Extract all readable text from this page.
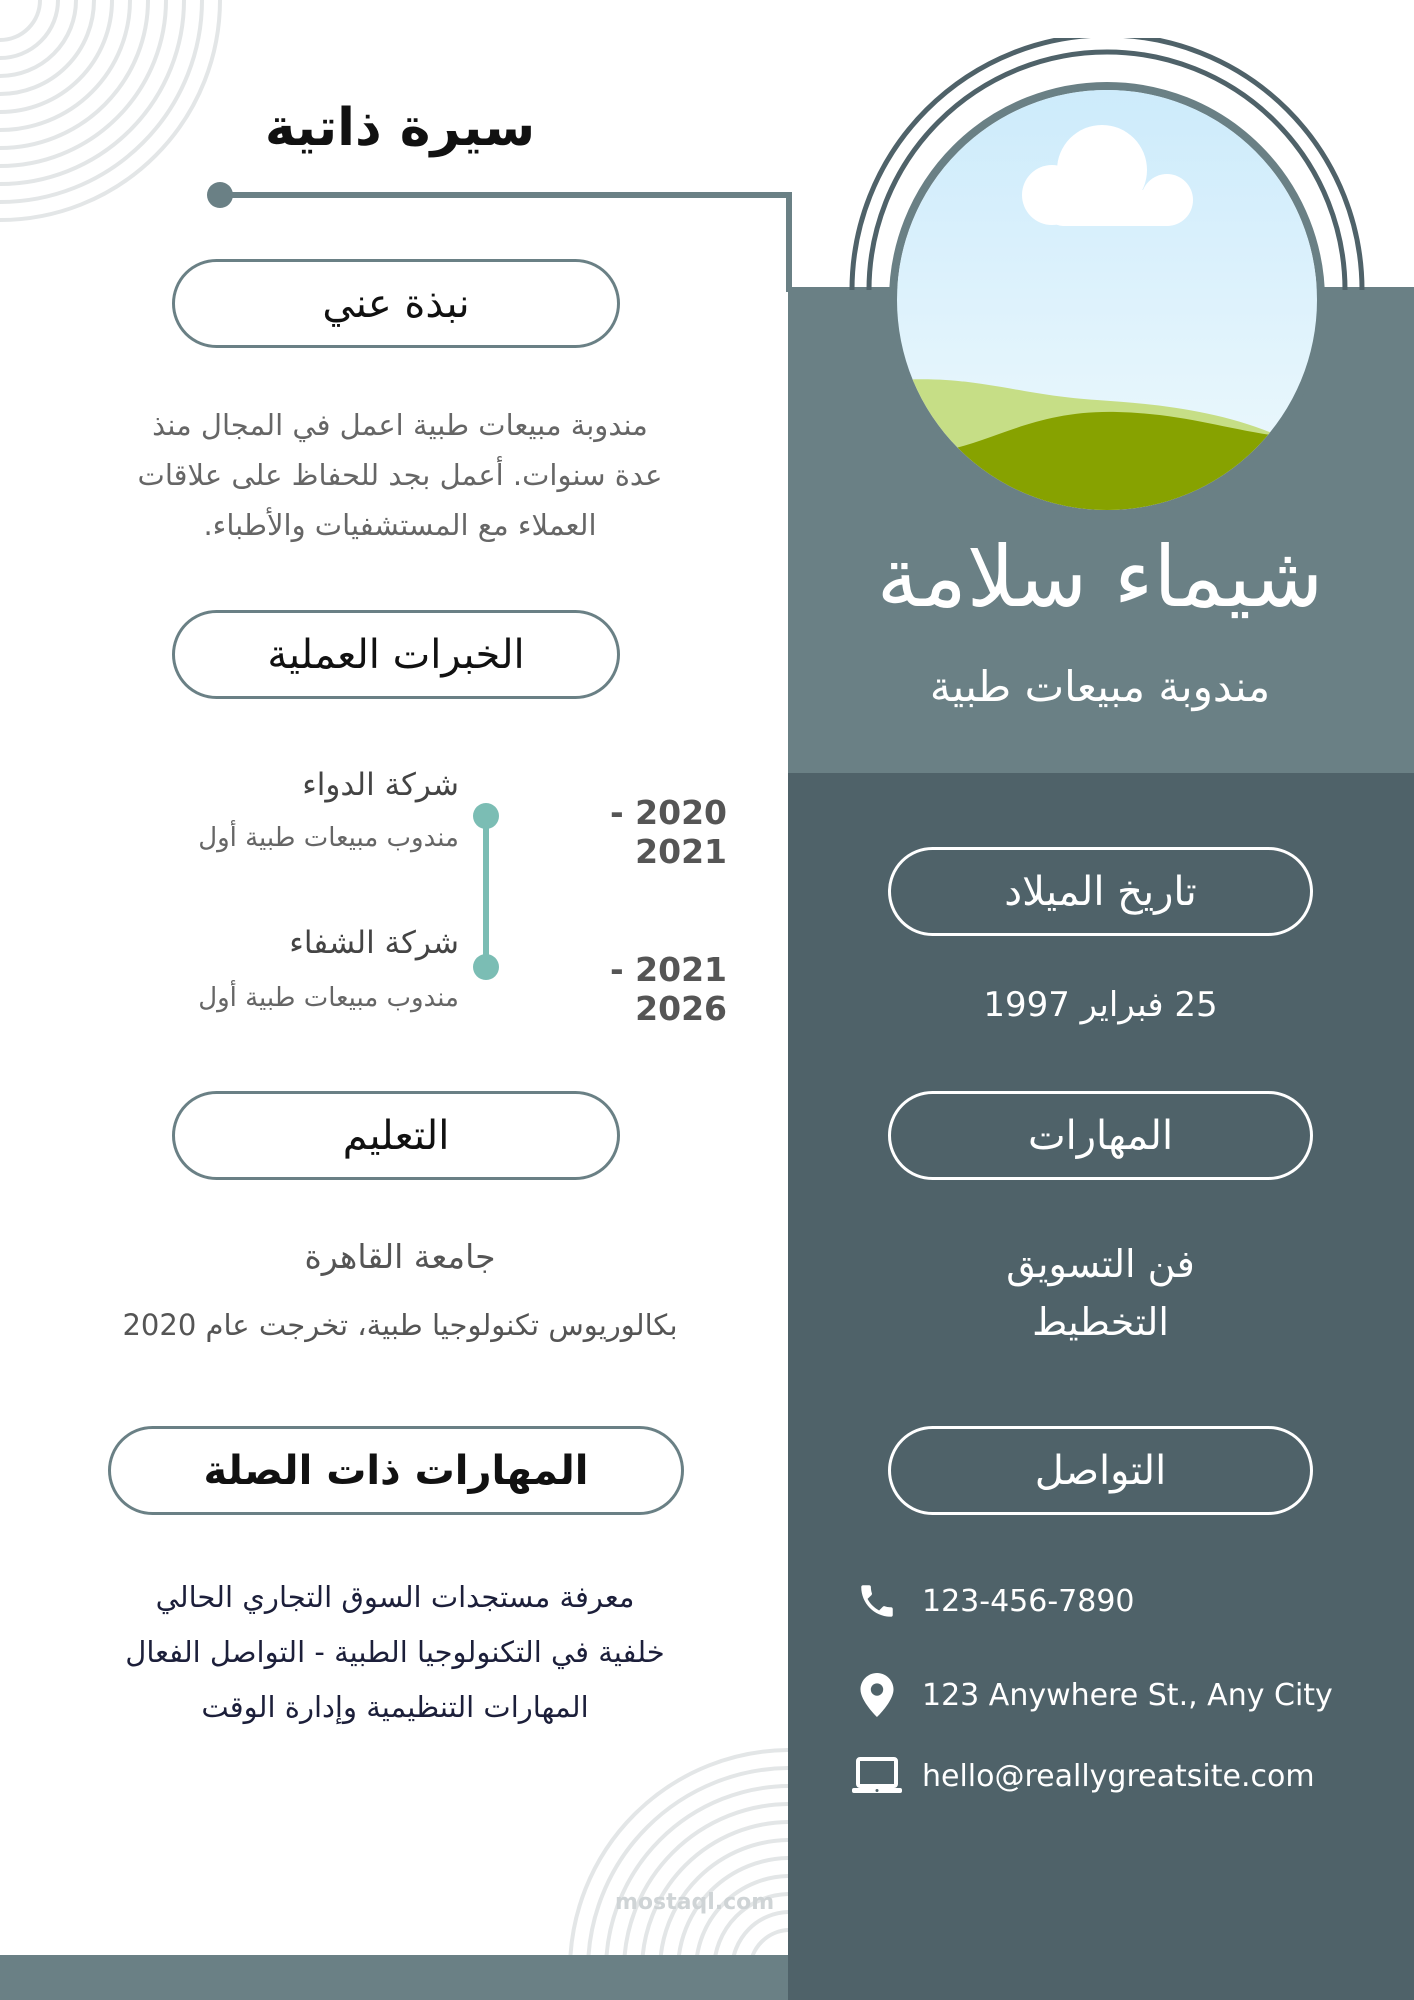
سيرة ذاتية
نبذة عني
مندوبة مبيعات طبية اعمل في المجال منذ
عدة سنوات. أعمل بجد للحفاظ على علاقات
العملاء مع المستشفيات والأطباء.
الخبرات العملية
2020 - 2021
شركة الدواء
مندوب مبيعات طبية أول
2021 - 2026
شركة الشفاء
مندوب مبيعات طبية أول
التعليم
جامعة القاهرة
بكالوريوس تكنولوجيا طبية، تخرجت عام 2020
المهارات ذات الصلة
معرفة مستجدات السوق التجاري الحالي
خلفية في التكنولوجيا الطبية - التواصل الفعال
المهارات التنظيمية وإدارة الوقت
شيماء سلامة
مندوبة مبيعات طبية
تاريخ الميلاد
25 فبراير 1997
المهارات
فن التسويق
التخطيط
التواصل
123-456-7890
123 Anywhere St., Any City
hello@reallygreatsite.com
mostaql.com
